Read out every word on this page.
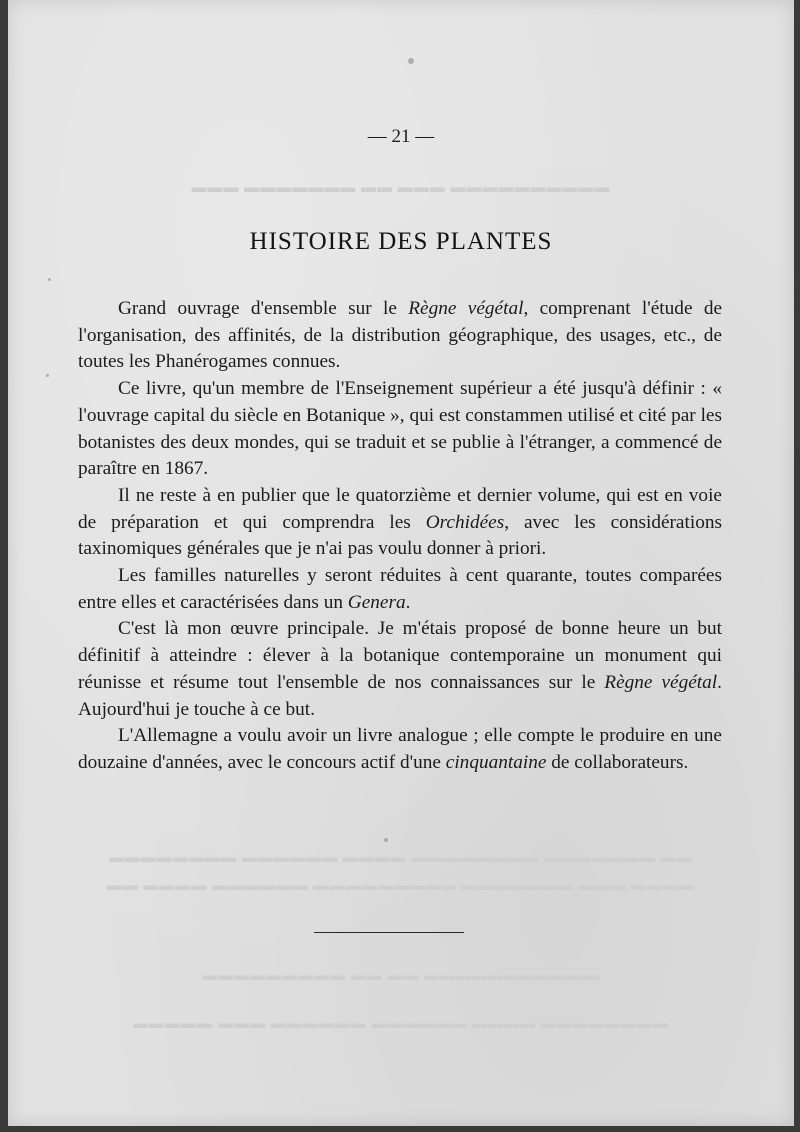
▬▬▬ ▬▬▬▬▬▬▬ ▬▬ ▬▬▬ ▬▬▬▬▬▬▬▬▬▬
▬▬▬▬▬▬▬▬ ▬▬▬▬▬▬ ▬▬▬▬ ▬▬▬▬▬▬▬▬ ▬▬▬▬▬▬▬ ▬▬
▬▬ ▬▬▬▬ ▬▬▬▬▬▬ ▬▬▬▬▬▬▬▬▬ ▬▬▬▬▬▬▬ ▬▬▬ ▬▬▬▬
▬▬▬▬▬▬▬▬▬ ▬▬ ▬▬ ▬▬▬▬▬▬▬▬▬▬▬
▬▬▬▬▬ ▬▬▬ ▬▬▬▬▬▬ ▬▬▬▬▬▬ ▬▬▬▬ ▬▬▬▬▬▬▬▬
— 21 —
HISTOIRE DES PLANTES

Grand ouvrage d'ensemble sur le Règne végétal, comprenant l'étude de l'organisation, des affinités, de la distribution géographique, des usages, etc., de toutes les Phanérogames connues.

Ce livre, qu'un membre de l'Enseignement supérieur a été jusqu'à définir : « l'ouvrage capital du siècle en Botanique », qui est constammen utilisé et cité par les botanistes des deux mondes, qui se traduit et se publie à l'étranger, a commencé de paraître en 1867.

Il ne reste à en publier que le quatorzième et dernier volume, qui est en voie de préparation et qui comprendra les Orchidées, avec les considérations taxinomiques générales que je n'ai pas voulu donner à priori.

Les familles naturelles y seront réduites à cent quarante, toutes comparées entre elles et caractérisées dans un Genera.

C'est là mon œuvre principale. Je m'étais proposé de bonne heure un but définitif à atteindre : élever à la botanique contemporaine un monument qui réunisse et résume tout l'ensemble de nos connaissances sur le Règne végétal. Aujourd'hui je touche à ce but.

L'Allemagne a voulu avoir un livre analogue ; elle compte le produire en une douzaine d'années, avec le concours actif d'une cinquantaine de collaborateurs.
